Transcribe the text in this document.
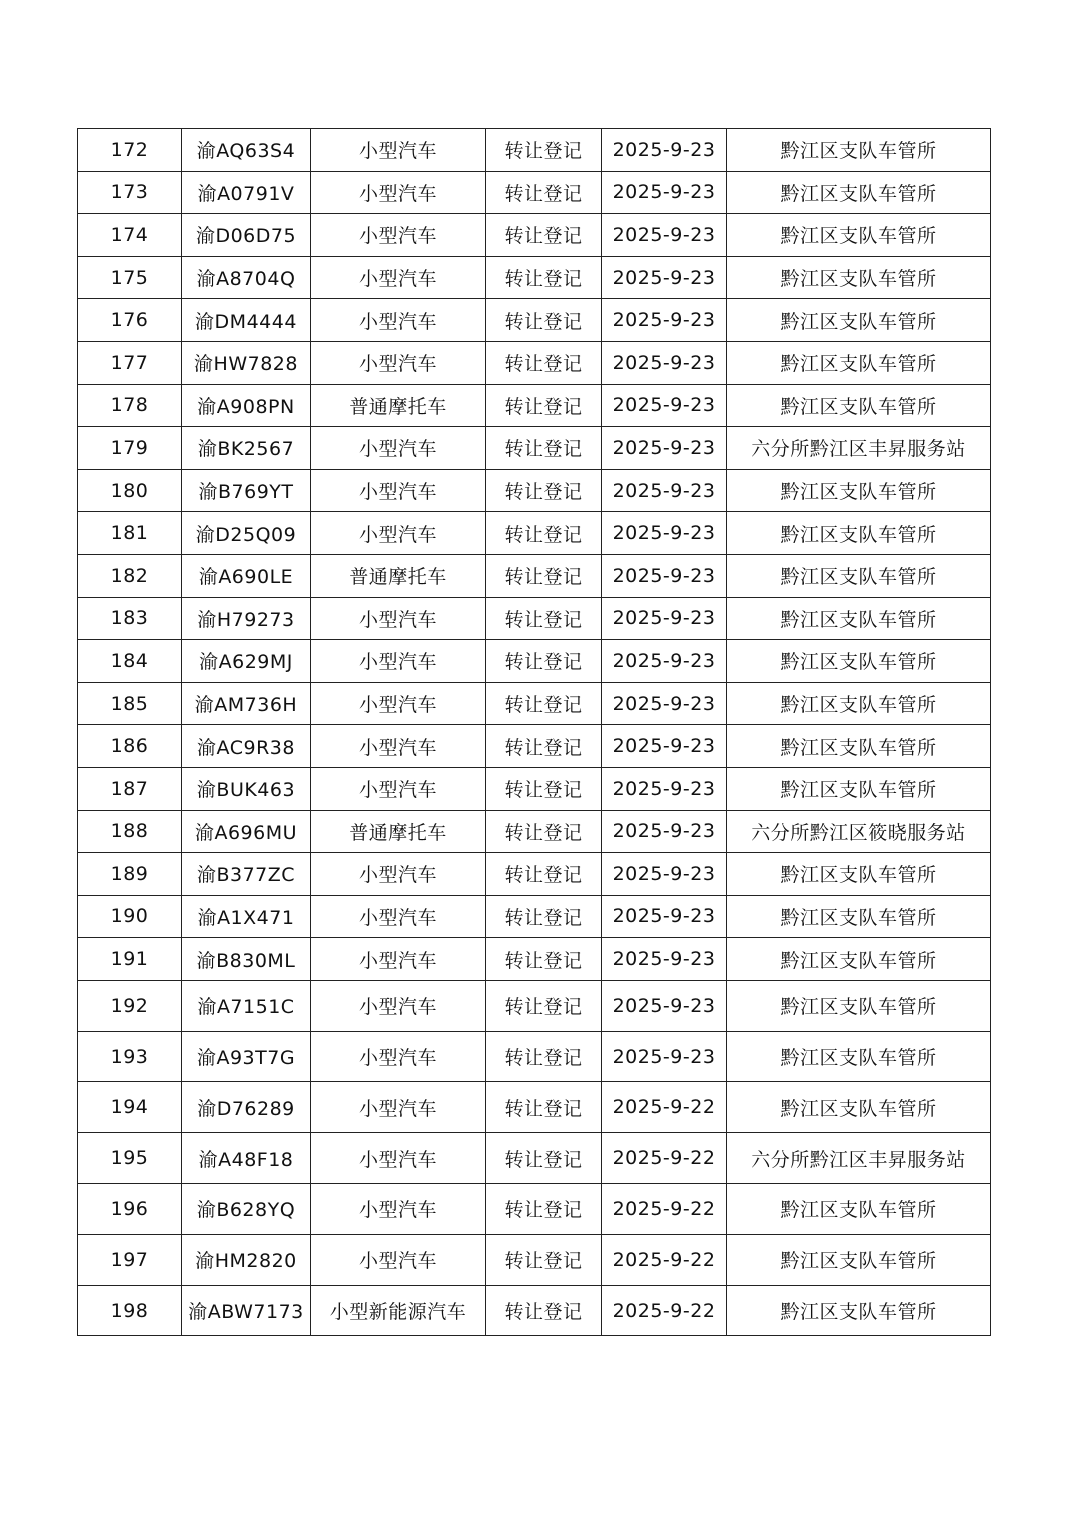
172	渝AQ63S4	小型汽车	转让登记	2025-9-23	黔江区支队车管所
173	渝A0791V	小型汽车	转让登记	2025-9-23	黔江区支队车管所
174	渝D06D75	小型汽车	转让登记	2025-9-23	黔江区支队车管所
175	渝A8704Q	小型汽车	转让登记	2025-9-23	黔江区支队车管所
176	渝DM4444	小型汽车	转让登记	2025-9-23	黔江区支队车管所
177	渝HW7828	小型汽车	转让登记	2025-9-23	黔江区支队车管所
178	渝A908PN	普通摩托车	转让登记	2025-9-23	黔江区支队车管所
179	渝BK2567	小型汽车	转让登记	2025-9-23	六分所黔江区丰昇服务站
180	渝B769YT	小型汽车	转让登记	2025-9-23	黔江区支队车管所
181	渝D25Q09	小型汽车	转让登记	2025-9-23	黔江区支队车管所
182	渝A690LE	普通摩托车	转让登记	2025-9-23	黔江区支队车管所
183	渝H79273	小型汽车	转让登记	2025-9-23	黔江区支队车管所
184	渝A629MJ	小型汽车	转让登记	2025-9-23	黔江区支队车管所
185	渝AM736H	小型汽车	转让登记	2025-9-23	黔江区支队车管所
186	渝AC9R38	小型汽车	转让登记	2025-9-23	黔江区支队车管所
187	渝BUK463	小型汽车	转让登记	2025-9-23	黔江区支队车管所
188	渝A696MU	普通摩托车	转让登记	2025-9-23	六分所黔江区筱晓服务站
189	渝B377ZC	小型汽车	转让登记	2025-9-23	黔江区支队车管所
190	渝A1X471	小型汽车	转让登记	2025-9-23	黔江区支队车管所
191	渝B830ML	小型汽车	转让登记	2025-9-23	黔江区支队车管所
192	渝A7151C	小型汽车	转让登记	2025-9-23	黔江区支队车管所
193	渝A93T7G	小型汽车	转让登记	2025-9-23	黔江区支队车管所
194	渝D76289	小型汽车	转让登记	2025-9-22	黔江区支队车管所
195	渝A48F18	小型汽车	转让登记	2025-9-22	六分所黔江区丰昇服务站
196	渝B628YQ	小型汽车	转让登记	2025-9-22	黔江区支队车管所
197	渝HM2820	小型汽车	转让登记	2025-9-22	黔江区支队车管所
198	渝ABW7173	小型新能源汽车	转让登记	2025-9-22	黔江区支队车管所
